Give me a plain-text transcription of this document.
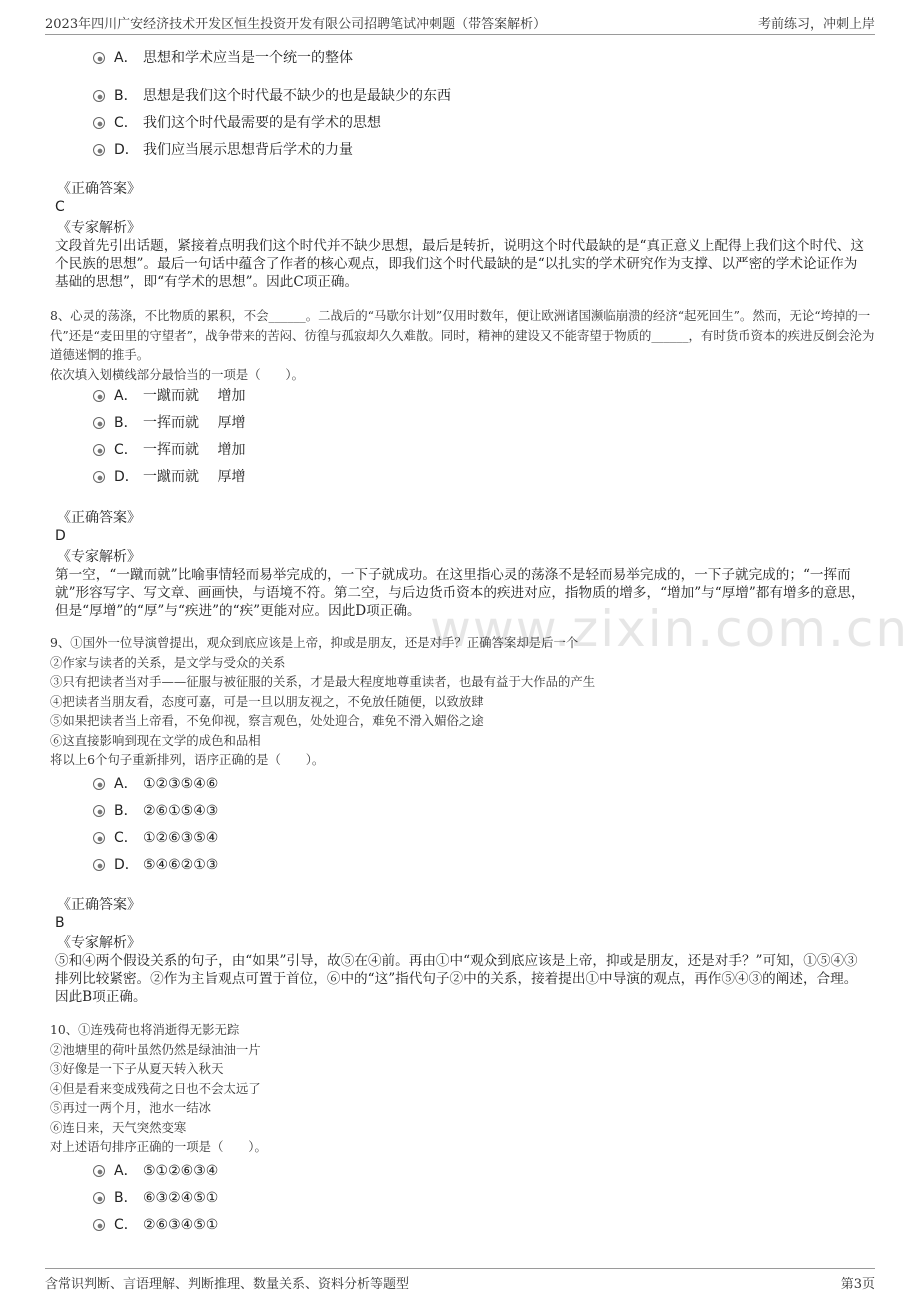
2023年四川广安经济技术开发区恒生投资开发有限公司招聘笔试冲刺题（带答案解析）	考前练习，冲刺上岸
www.zixin.com.cn
A． 思想和学术应当是一个统一的整体
B． 思想是我们这个时代最不缺少的也是最缺少的东西
C． 我们这个时代最需要的是有学术的思想
D． 我们应当展示思想背后学术的力量
《正确答案》
C
《专家解析》
文段首先引出话题，紧接着点明我们这个时代并不缺少思想，最后是转折，说明这个时代最缺的是“真正意义上配得上我们这个时代、这个民族的思想”。最后一句话中蕴含了作者的核心观点，即我们这个时代最缺的是“以扎实的学术研究作为支撑、以严密的学术论证作为基础的思想”，即“有学术的思想”。因此C项正确。
8、心灵的荡涤，不比物质的累积，不会______。二战后的“马歇尔计划”仅用时数年，便让欧洲诸国濒临崩溃的经济“起死回生”。然而，无论“垮掉的一代”还是“麦田里的守望者”，战争带来的苦闷、彷徨与孤寂却久久难散。同时，精神的建设又不能寄望于物质的______，有时货币资本的疾进反倒会沦为道德迷惘的推手。
依次填入划横线部分最恰当的一项是（　　）。
A． 一蹴而就　 增加
B． 一挥而就　 厚增
C． 一挥而就　 增加
D． 一蹴而就　 厚增
《正确答案》
D
《专家解析》
第一空，“一蹴而就”比喻事情轻而易举完成的，一下子就成功。在这里指心灵的荡涤不是轻而易举完成的，一下子就完成的；“一挥而就”形容写字、写文章、画画快，与语境不符。第二空，与后边货币资本的疾进对应，指物质的增多，“增加”与“厚增”都有增多的意思，但是“厚增”的“厚”与“疾进”的“疾”更能对应。因此D项正确。
9、①国外一位导演曾提出，观众到底应该是上帝，抑或是朋友，还是对手？正确答案却是后一个
②作家与读者的关系，是文学与受众的关系
③只有把读者当对手——征服与被征服的关系，才是最大程度地尊重读者，也最有益于大作品的产生
④把读者当朋友看，态度可嘉，可是一旦以朋友视之，不免放任随便，以致放肆
⑤如果把读者当上帝看，不免仰视，察言观色，处处迎合，难免不滑入媚俗之途
⑥这直接影响到现在文学的成色和品相
将以上6个句子重新排列，语序正确的是（　　）。
A． ①②③⑤④⑥
B． ②⑥①⑤④③
C． ①②⑥③⑤④
D． ⑤④⑥②①③
《正确答案》
B
《专家解析》
⑤和④两个假设关系的句子，由“如果”引导，故⑤在④前。再由①中“观众到底应该是上帝，抑或是朋友，还是对手？”可知，①⑤④③排列比较紧密。②作为主旨观点可置于首位，⑥中的“这”指代句子②中的关系，接着提出①中导演的观点，再作⑤④③的阐述，合理。因此B项正确。
10、①连残荷也将消逝得无影无踪
②池塘里的荷叶虽然仍然是绿油油一片
③好像是一下子从夏天转入秋天
④但是看来变成残荷之日也不会太远了
⑤再过一两个月，池水一结冰
⑥连日来，天气突然变寒
对上述语句排序正确的一项是（　　）。
A． ⑤①②⑥③④
B． ⑥③②④⑤①
C． ②⑥③④⑤①
含常识判断、言语理解、判断推理、数量关系、资料分析等题型	第3页
